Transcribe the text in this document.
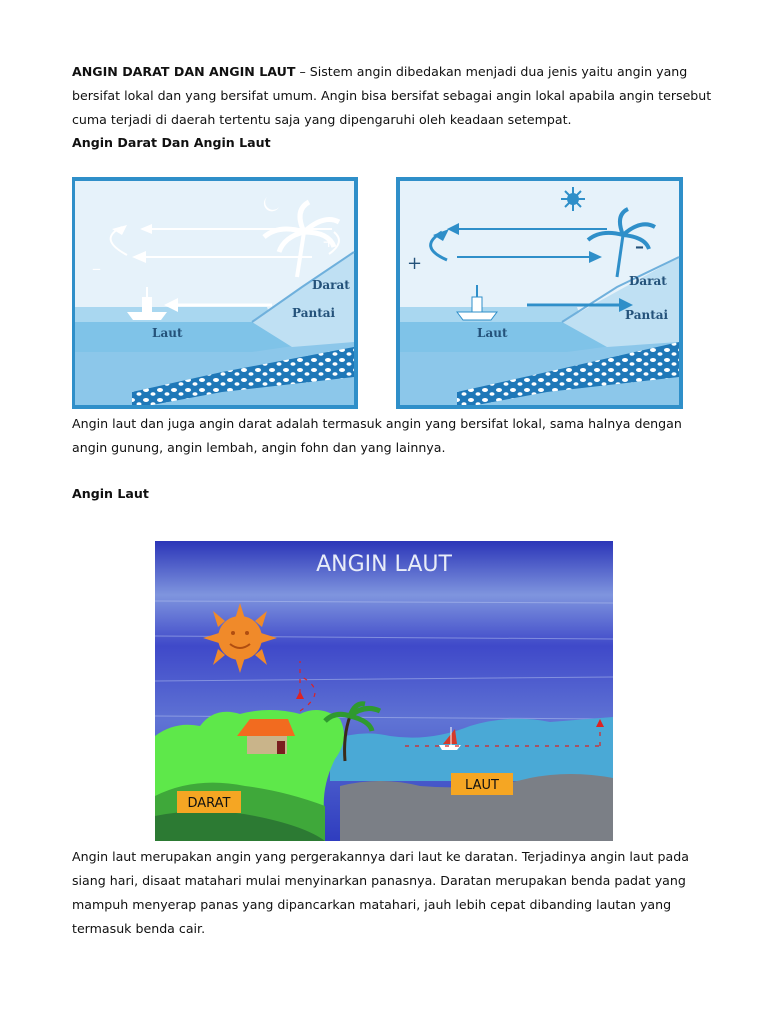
ANGIN DARAT DAN ANGIN LAUT – Sistem angin dibedakan menjadi dua jenis yaitu angin yang bersifat lokal dan yang bersifat umum. Angin bisa bersifat sebagai angin lokal apabila angin tersebut cuma terjadi di daerah tertentu saja yang dipengaruhi oleh keadaan setempat.

Angin Darat Dan Angin Laut

–
+
Darat
Pantai
Laut
+
–
Darat
Pantai
Laut

Angin laut dan juga angin darat adalah termasuk angin yang bersifat lokal, sama halnya dengan angin gunung, angin lembah, angin fohn dan yang lainnya.

Angin Laut

ANGIN LAUT
LAUT
DARAT

Angin laut merupakan angin yang pergerakannya dari laut ke daratan. Terjadinya angin laut pada siang hari, disaat matahari mulai menyinarkan panasnya. Daratan merupakan benda padat yang mampuh menyerap panas yang dipancarkan matahari, jauh lebih cepat dibanding lautan yang termasuk benda cair.
